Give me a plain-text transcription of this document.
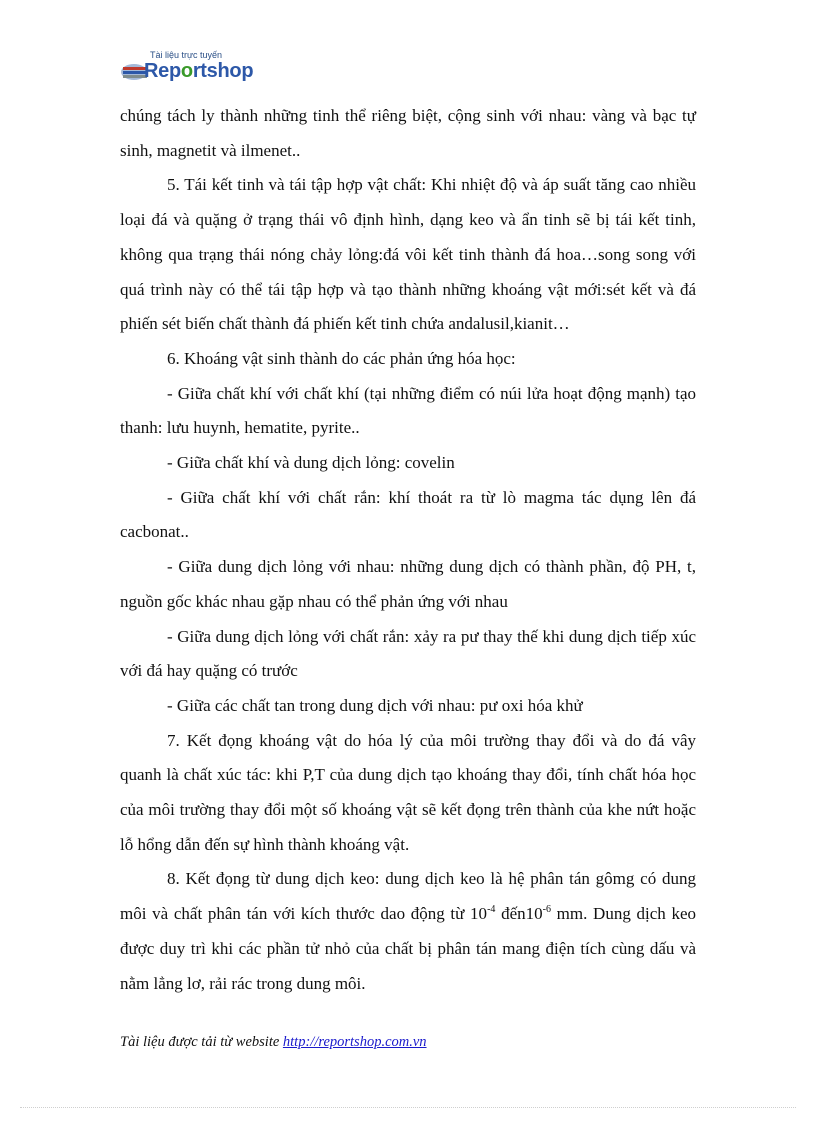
Tài liệu trực tuyến
Reportshop

chúng tách ly thành những tinh thể riêng biệt, cộng sinh với nhau: vàng và bạc tự sinh, magnetit và ilmenet..

5. Tái kết tinh và tái tập hợp vật chất: Khi nhiệt độ và áp suất tăng cao nhiều loại đá và quặng ở trạng thái vô định hình, dạng keo và ẩn tinh sẽ bị tái kết tinh, không qua trạng thái nóng chảy lỏng:đá vôi kết tinh thành đá hoa…song song với quá trình này có thể tái tập hợp và tạo thành những khoáng vật mới:sét kết và đá phiến sét biến chất thành đá phiến kết tinh chứa andalusil,kianit…

6. Khoáng vật sinh thành do các phản ứng hóa học:

- Giữa chất khí với chất khí (tại những điểm có núi lửa hoạt động mạnh) tạo thanh: lưu huynh, hematite, pyrite..

- Giữa chất khí và dung dịch lỏng: covelin

- Giữa chất khí với chất rắn: khí thoát ra từ lò magma tác dụng lên đá cacbonat..

- Giữa dung dịch lỏng với nhau: những dung dịch có thành phần, độ PH, t, nguồn gốc khác nhau gặp nhau có thể phản ứng với nhau

- Giữa dung dịch lỏng với chất rắn: xảy ra pư thay thế khi dung dịch tiếp xúc với đá hay quặng có trước

- Giữa các chất tan trong dung dịch với nhau: pư oxi hóa khử

7. Kết đọng khoáng vật do hóa lý của môi trường thay đổi và do đá vây quanh là chất xúc tác: khi P,T của dung dịch tạo khoáng thay đổi, tính chất hóa học của môi trường thay đổi một số khoáng vật sẽ kết đọng trên thành của khe nứt hoặc lỗ hổng dẫn đến sự hình thành khoáng vật.

8. Kết đọng từ dung dịch keo: dung dịch keo là hệ phân tán gômg có dung môi và chất phân tán với kích thước dao động từ $10^{-4}$ $đến10^{-6}$ mm. Dung dịch keo được duy trì khi các phần tử nhỏ của chất bị phân tán mang điện tích cùng dấu và nằm lẳng lơ, rải rác trong dung môi.

Tài liệu được tải từ website http://reportshop.com.vn
